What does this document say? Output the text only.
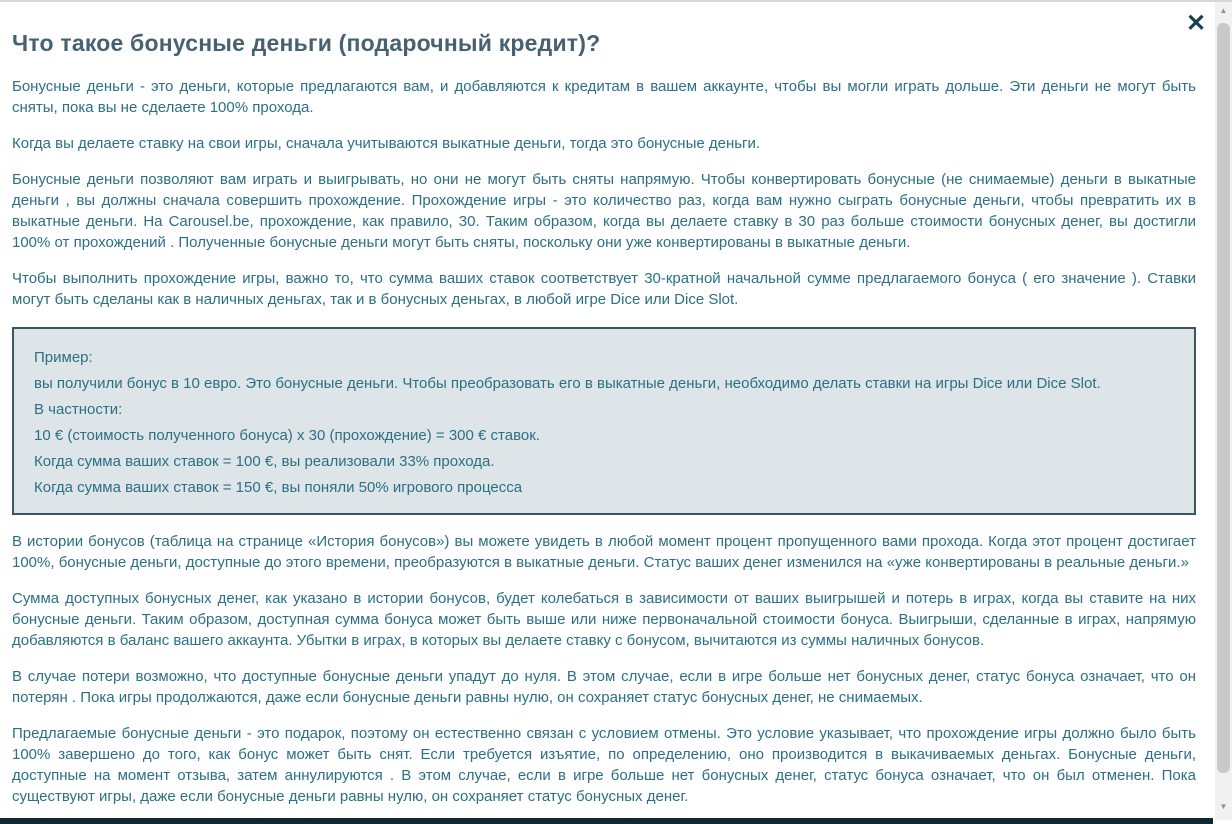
✕
Что такое бонусные деньги (подарочный кредит)?

Бонусные деньги - это деньги, которые предлагаются вам, и добавляются к кредитам в вашем аккаунте, чтобы вы могли играть дольше. Эти деньги не могут быть сняты, пока вы не сделаете 100% прохода.

Когда вы делаете ставку на свои игры, сначала учитываются выкатные деньги, тогда это бонусные деньги.

Бонусные деньги позволяют вам играть и выигрывать, но они не могут быть сняты напрямую. Чтобы конвертировать бонусные (не снимаемые) деньги в выкатные деньги , вы должны сначала совершить прохождение. Прохождение игры - это количество раз, когда вам нужно сыграть бонусные деньги, чтобы превратить их в выкатные деньги. На Carousel.be, прохождение, как правило, 30. Таким образом, когда вы делаете ставку в 30 раз больше стоимости бонусных денег, вы достигли 100% от прохождений . Полученные бонусные деньги могут быть сняты, поскольку они уже конвертированы в выкатные деньги.

Чтобы выполнить прохождение игры, важно то, что сумма ваших ставок соответствует 30-кратной начальной сумме предлагаемого бонуса ( его значение ). Ставки могут быть сделаны как в наличных деньгах, так и в бонусных деньгах, в любой игре Dice или Dice Slot.

Пример:
вы получили бонус в 10 евро. Это бонусные деньги. Чтобы преобразовать его в выкатные деньги, необходимо делать ставки на игры Dice или Dice Slot.
В частности:
10 € (стоимость полученного бонуса) x 30 (прохождение) = 300 € ставок.
Когда сумма ваших ставок = 100 €, вы реализовали 33% прохода.
Когда сумма ваших ставок = 150 €, вы поняли 50% игрового процесса

В истории бонусов (таблица на странице «История бонусов») вы можете увидеть в любой момент процент пропущенного вами прохода. Когда этот процент достигает 100%, бонусные деньги, доступные до этого времени, преобразуются в выкатные деньги. Статус ваших денег изменился на «уже конвертированы в реальные деньги.»

Сумма доступных бонусных денег, как указано в истории бонусов, будет колебаться в зависимости от ваших выигрышей и потерь в играх, когда вы ставите на них бонусные деньги. Таким образом, доступная сумма бонуса может быть выше или ниже первоначальной стоимости бонуса. Выигрыши, сделанные в играх, напрямую добавляются в баланс вашего аккаунта. Убытки в играх, в которых вы делаете ставку с бонусом, вычитаются из суммы наличных бонусов.

В случае потери возможно, что доступные бонусные деньги упадут до нуля. В этом случае, если в игре больше нет бонусных денег, статус бонуса означает, что он потерян . Пока игры продолжаются, даже если бонусные деньги равны нулю, он сохраняет статус бонусных денег, не снимаемых.

Предлагаемые бонусные деньги - это подарок, поэтому он естественно связан с условием отмены. Это условие указывает, что прохождение игры должно было быть 100% завершено до того, как бонус может быть снят. Если требуется изъятие, по определению, оно производится в выкачиваемых деньгах. Бонусные деньги, доступные на момент отзыва, затем аннулируются . В этом случае, если в игре больше нет бонусных денег, статус бонуса означает, что он был отменен. Пока существуют игры, даже если бонусные деньги равны нулю, он сохраняет статус бонусных денег.

▲
▼
